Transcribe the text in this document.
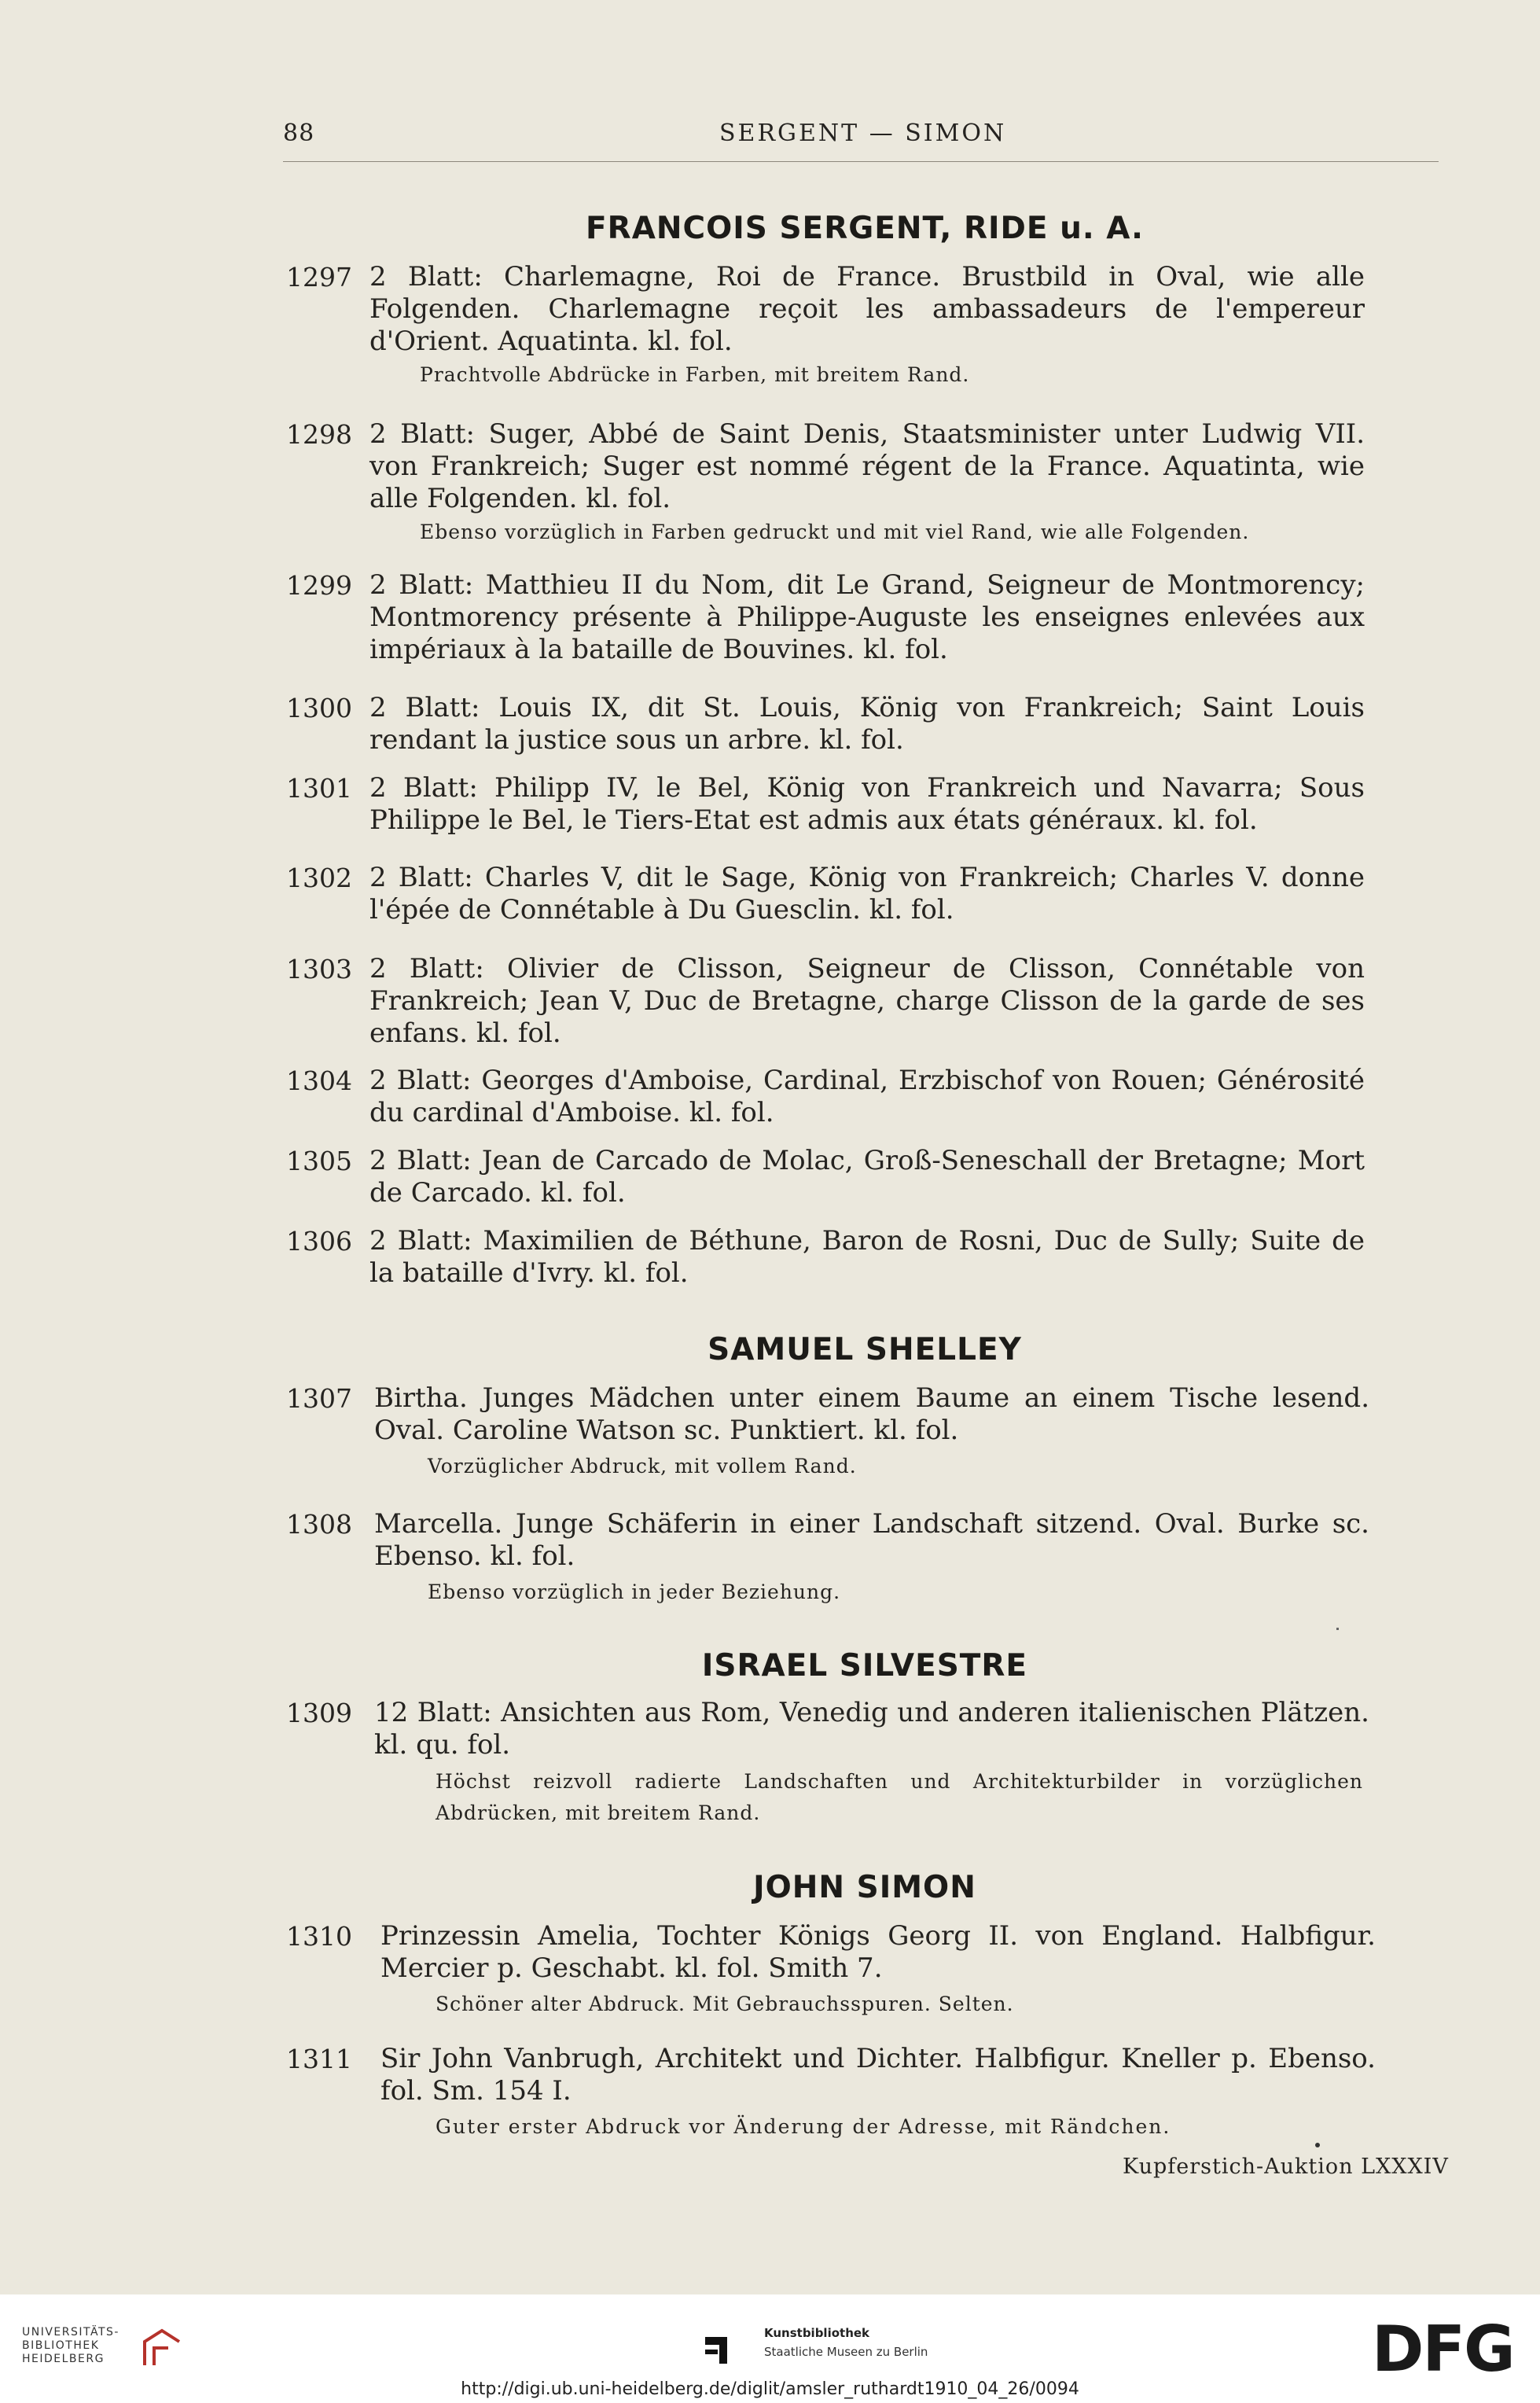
88	SERGENT — SIMON
FRANCOIS SERGENT, RIDE u. A.
1297 2 Blatt: Charlemagne, Roi de France. Brustbild in Oval, wie alle Folgenden. Charlemagne reçoit les ambassadeurs de l'empereur d'Orient. Aquatinta. kl. fol.
Prachtvolle Abdrücke in Farben, mit breitem Rand.
1298 2 Blatt: Suger, Abbé de Saint Denis, Staatsminister unter Ludwig VII. von Frankreich; Suger est nommé régent de la France. Aquatinta, wie alle Folgenden. kl. fol.
Ebenso vorzüglich in Farben gedruckt und mit viel Rand, wie alle Folgenden.
1299 2 Blatt: Matthieu II du Nom, dit Le Grand, Seigneur de Montmorency; Montmorency présente à Philippe-Auguste les enseignes enlevées aux impériaux à la bataille de Bouvines. kl. fol.
1300 2 Blatt: Louis IX, dit St. Louis, König von Frankreich; Saint Louis rendant la justice sous un arbre. kl. fol.
1301 2 Blatt: Philipp IV, le Bel, König von Frankreich und Navarra; Sous Philippe le Bel, le Tiers-Etat est admis aux états généraux. kl. fol.
1302 2 Blatt: Charles V, dit le Sage, König von Frankreich; Charles V. donne l'épée de Connétable à Du Guesclin. kl. fol.
1303 2 Blatt: Olivier de Clisson, Seigneur de Clisson, Connétable von Frankreich; Jean V, Duc de Bretagne, charge Clisson de la garde de ses enfans. kl. fol.
1304 2 Blatt: Georges d'Amboise, Cardinal, Erzbischof von Rouen; Générosité du cardinal d'Amboise. kl. fol.
1305 2 Blatt: Jean de Carcado de Molac, Groß-Seneschall der Bretagne; Mort de Carcado. kl. fol.
1306 2 Blatt: Maximilien de Béthune, Baron de Rosni, Duc de Sully; Suite de la bataille d'Ivry. kl. fol.
SAMUEL SHELLEY
1307 Birtha. Junges Mädchen unter einem Baume an einem Tische lesend. Oval. Caroline Watson sc. Punktiert. kl. fol.
Vorzüglicher Abdruck, mit vollem Rand.
1308 Marcella. Junge Schäferin in einer Landschaft sitzend. Oval. Burke sc. Ebenso. kl. fol.
Ebenso vorzüglich in jeder Beziehung.
ISRAEL SILVESTRE
1309 12 Blatt: Ansichten aus Rom, Venedig und anderen italienischen Plätzen. kl. qu. fol.
Höchst reizvoll radierte Landschaften und Architekturbilder in vorzüglichen Abdrücken, mit breitem Rand.
JOHN SIMON
1310 Prinzessin Amelia, Tochter Königs Georg II. von England. Halbfigur. Mercier p. Geschabt. kl. fol. Smith 7.
Schöner alter Abdruck. Mit Gebrauchsspuren. Selten.
1311 Sir John Vanbrugh, Architekt und Dichter. Halbfigur. Kneller p. Ebenso. fol. Sm. 154 I.
Guter erster Abdruck vor Änderung der Adresse, mit Rändchen.
Kupferstich-Auktion LXXXIV
UNIVERSITÄTS-
BIBLIOTHEK
HEIDELBERG
Kunstbibliothek
Staatliche Museen zu Berlin	DFG
http://digi.ub.uni-heidelberg.de/diglit/amsler_ruthardt1910_04_26/0094
